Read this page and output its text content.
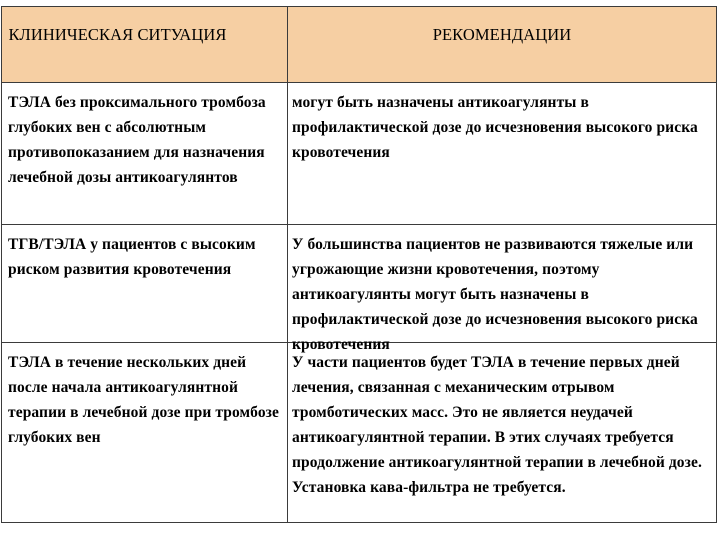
КЛИНИЧЕСКАЯ СИТУАЦИЯ	РЕКОМЕНДАЦИИ
ТЭЛА без проксимального тромбоза глубоких вен с абсолютным противопоказанием для назначения лечебной дозы антикоагулянтов
могут быть назначены антикоагулянты в профилактической дозе до исчезновения высокого риска кровотечения
ТГВ/ТЭЛА у пациентов с высоким риском развития кровотечения
У большинства пациентов не развиваются тяжелые или угрожающие жизни кровотечения, поэтому антикоагулянты могут быть назначены в профилактической дозе до исчезновения высокого риска кровотечения
ТЭЛА в течение нескольких дней после начала антикоагулянтной терапии в лечебной дозе при тромбозе глубоких вен
У части пациентов будет ТЭЛА в течение первых дней лечения, связанная с механическим отрывом тромботических масс. Это не является неудачей антикоагулянтной терапии. В этих случаях требуется продолжение антикоагулянтной терапии в лечебной дозе. Установка кава-фильтра не требуется.
